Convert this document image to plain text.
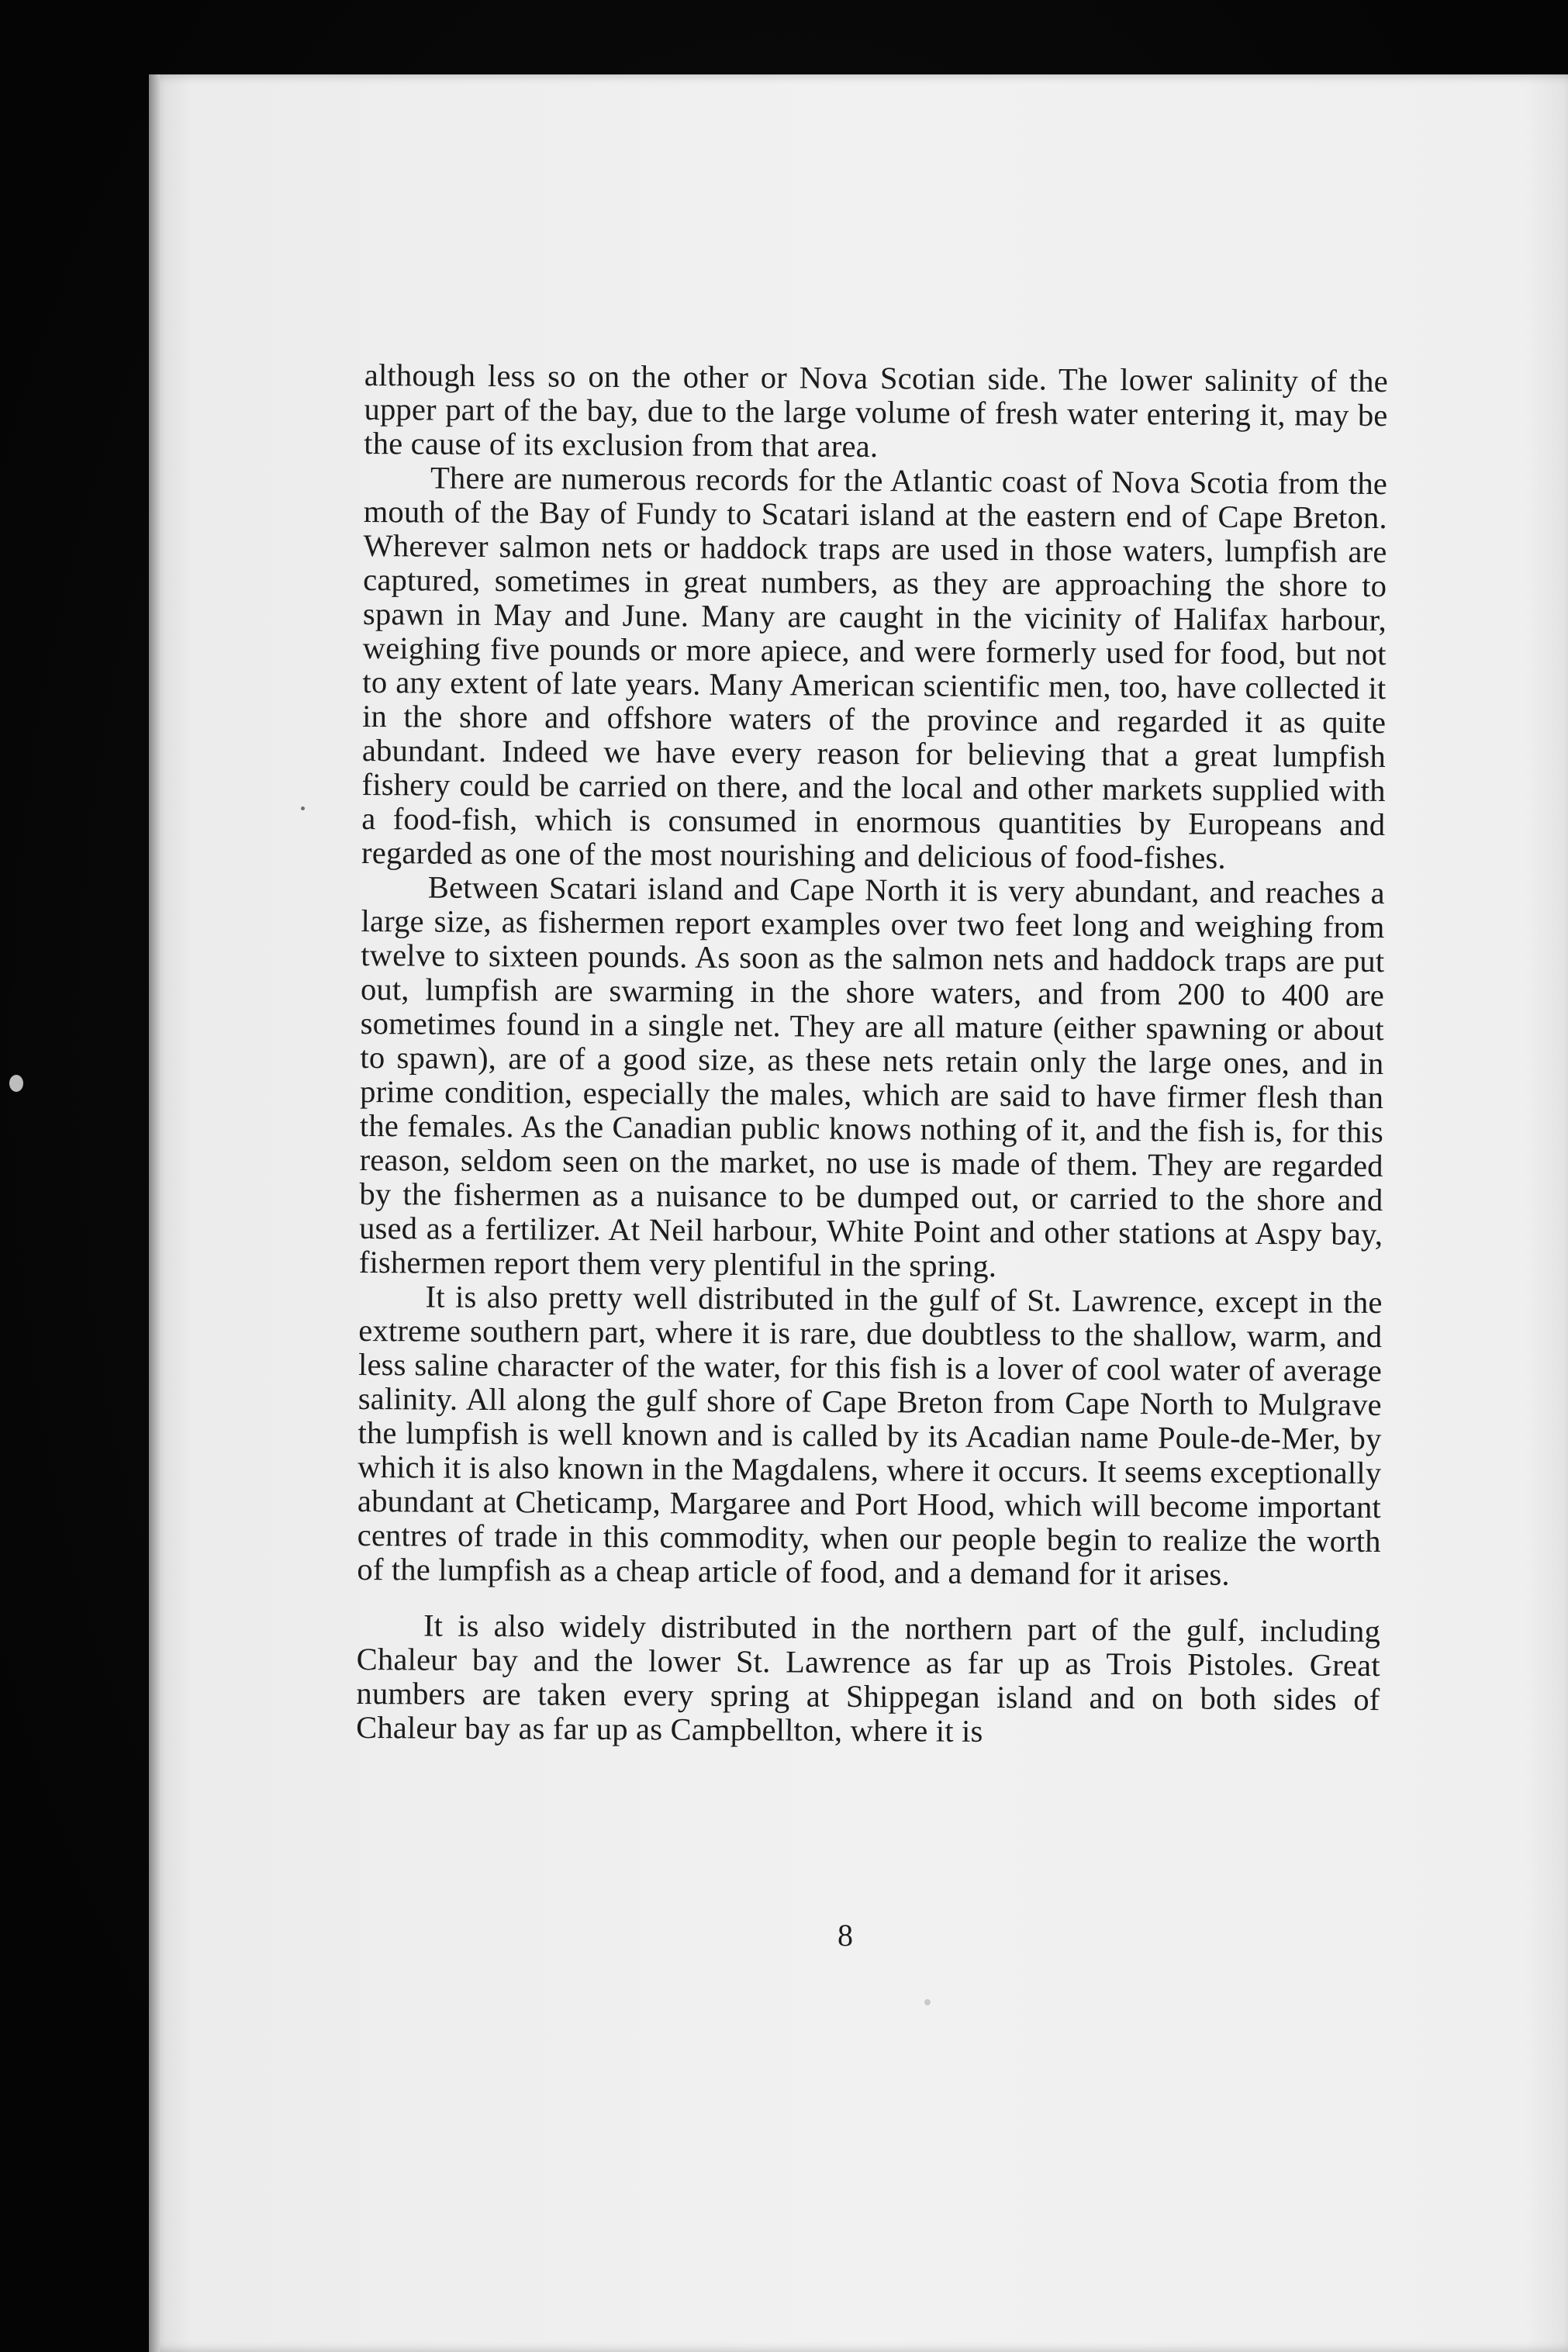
although less so on the other or Nova Scotian side. The lower salinity of the upper part of the bay, due to the large volume of fresh water entering it, may be the cause of its exclusion from that area.

There are numerous records for the Atlantic coast of Nova Scotia from the mouth of the Bay of Fundy to Scatari island at the eastern end of Cape Breton. Wherever salmon nets or haddock traps are used in those waters, lumpfish are captured, sometimes in great numbers, as they are approaching the shore to spawn in May and June. Many are caught in the vicinity of Halifax harbour, weighing five pounds or more apiece, and were formerly used for food, but not to any extent of late years. Many American scientific men, too, have collected it in the shore and offshore waters of the province and regarded it as quite abundant. Indeed we have every reason for believing that a great lumpfish fishery could be carried on there, and the local and other markets supplied with a food-fish, which is consumed in enormous quantities by Europeans and regarded as one of the most nourishing and delicious of food-fishes.

Between Scatari island and Cape North it is very abundant, and reaches a large size, as fishermen report examples over two feet long and weighing from twelve to sixteen pounds. As soon as the salmon nets and haddock traps are put out, lumpfish are swarming in the shore waters, and from 200 to 400 are sometimes found in a single net. They are all mature (either spawning or about to spawn), are of a good size, as these nets retain only the large ones, and in prime condition, especially the males, which are said to have firmer flesh than the females. As the Canadian public knows nothing of it, and the fish is, for this reason, seldom seen on the market, no use is made of them. They are regarded by the fishermen as a nuisance to be dumped out, or carried to the shore and used as a fertilizer. At Neil harbour, White Point and other stations at Aspy bay, fishermen report them very plentiful in the spring.

It is also pretty well distributed in the gulf of St. Lawrence, except in the extreme southern part, where it is rare, due doubtless to the shallow, warm, and less saline character of the water, for this fish is a lover of cool water of average salinity. All along the gulf shore of Cape Breton from Cape North to Mulgrave the lumpfish is well known and is called by its Acadian name Poule-de-Mer, by which it is also known in the Magdalens, where it occurs. It seems exceptionally abundant at Cheticamp, Margaree and Port Hood, which will become important centres of trade in this commodity, when our people begin to realize the worth of the lumpfish as a cheap article of food, and a demand for it arises.

It is also widely distributed in the northern part of the gulf, including Chaleur bay and the lower St. Lawrence as far up as Trois Pistoles. Great numbers are taken every spring at Shippegan island and on both sides of Chaleur bay as far up as Campbellton, where it is

8
